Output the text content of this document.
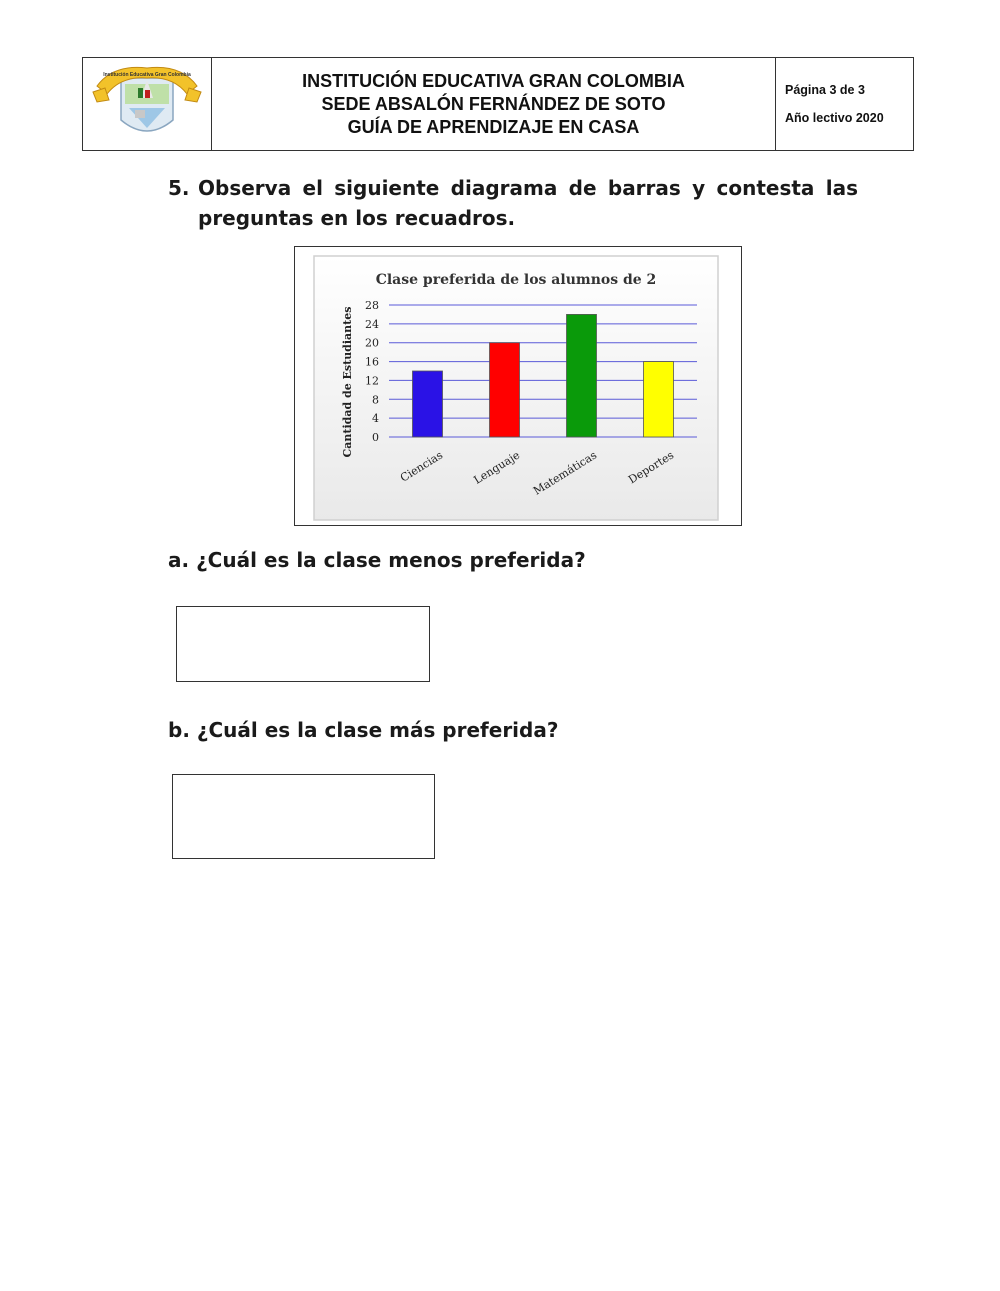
Institución Educativa Gran Colombia	INSTITUCIÓN EDUCATIVA GRAN COLOMBIA
SEDE ABSALÓN FERNÁNDEZ DE SOTO
GUÍA DE APRENDIZAJE EN CASA
Página 3 de 3
Año lectivo 2020
5. Observa el siguiente diagrama de barras y contesta las preguntas en los recuadros.
Clase preferida de los alumnos de 2
Cantidad de Estudiantes 0
4
8
12
16
20
24
28
Ciencias Lenguaje Matemáticas Deportes
a. ¿Cuál es la clase menos preferida?
b. ¿Cuál es la clase más preferida?
